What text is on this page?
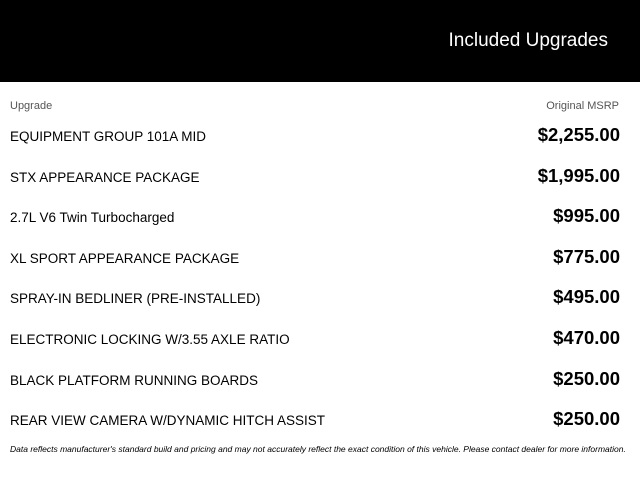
Included Upgrades
Upgrade	Original MSRP
EQUIPMENT GROUP 101A MID	$2,255.00
STX APPEARANCE PACKAGE	$1,995.00
2.7L V6 Twin Turbocharged	$995.00
XL SPORT APPEARANCE PACKAGE	$775.00
SPRAY-IN BEDLINER (PRE-INSTALLED)	$495.00
ELECTRONIC LOCKING W/3.55 AXLE RATIO	$470.00
BLACK PLATFORM RUNNING BOARDS	$250.00
REAR VIEW CAMERA W/DYNAMIC HITCH ASSIST	$250.00
Data reflects manufacturer's standard build and pricing and may not accurately reflect the exact condition of this vehicle. Please contact dealer for more information.
